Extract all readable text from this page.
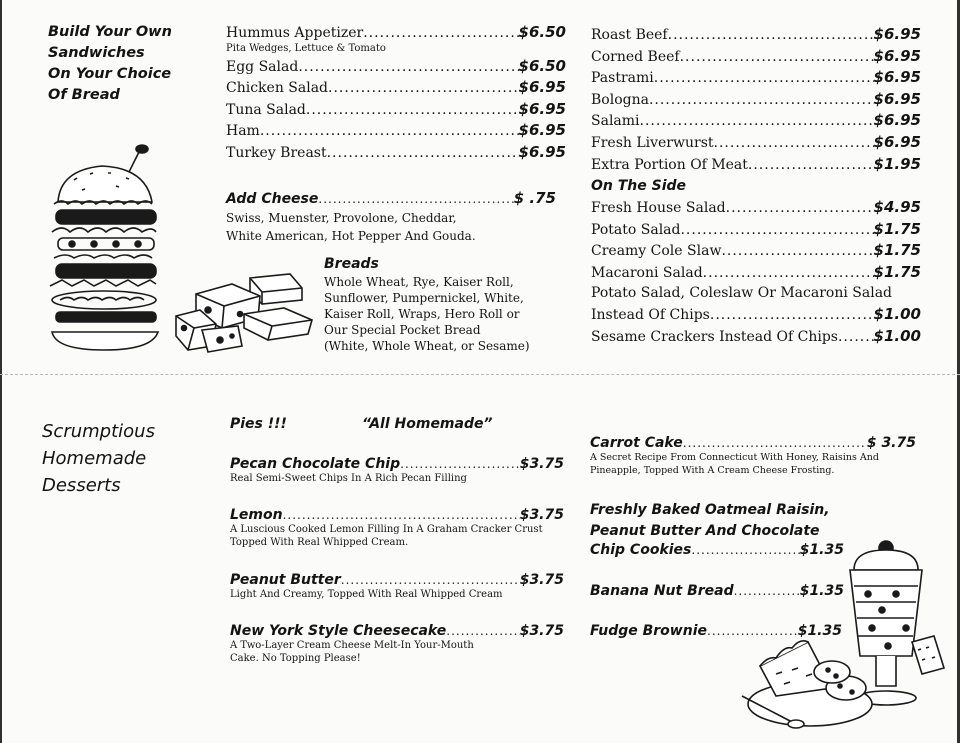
Build Your Own
Sandwiches
On Your Choice
Of Bread
Hummus Appetizer .....	$6.50
Pita Wedges, Lettuce & Tomato
Egg Salad .....	$6.50
Chicken Salad .....	$6.95
Tuna Salad .....	$6.95
Ham .....	$6.95
Turkey Breast .....	$6.95
Add Cheese .....	$ .75
Swiss, Muenster, Provolone, Cheddar,
White American, Hot Pepper And Gouda.
Breads
Whole Wheat, Rye, Kaiser Roll,
Sunflower, Pumpernickel, White,
Kaiser Roll, Wraps, Hero Roll or
Our Special Pocket Bread
(White, Whole Wheat, or Sesame)
Roast Beef .....	$6.95
Corned Beef .....	$6.95
Pastrami .....	$6.95
Bologna .....	$6.95
Salami .....	$6.95
Fresh Liverwurst .....	$6.95
Extra Portion Of Meat .....	$1.95
On The Side
Fresh House Salad .....	$4.95
Potato Salad .....	$1.75
Creamy Cole Slaw .....	$1.75
Macaroni Salad .....	$1.75
Potato Salad, Coleslaw Or Macaroni Salad
Instead Of Chips .....	$1.00
Sesame Crackers Instead Of Chips ..... $1.00
Scrumptious
Homemade
Desserts
Pies !!!	“All Homemade”
Pecan Chocolate Chip .....	$3.75
Real Semi-Sweet Chips In A Rich Pecan Filling
Lemon .....	$3.75
A Luscious Cooked Lemon Filling In A Graham Cracker Crust
Topped With Real Whipped Cream.
Peanut Butter .....	$3.75
Light And Creamy, Topped With Real Whipped Cream
New York Style Cheesecake .....	$3.75
A Two-Layer Cream Cheese Melt-In Your-Mouth
Cake. No Topping Please!
Carrot Cake .....	$ 3.75
A Secret Recipe From Connecticut With Honey, Raisins And
Pineapple, Topped With A Cream Cheese Frosting.
Freshly Baked Oatmeal Raisin,
Peanut Butter And Chocolate
Chip Cookies .....	$1.35
Banana Nut Bread .....	$1.35
Fudge Brownie .....	$1.35
